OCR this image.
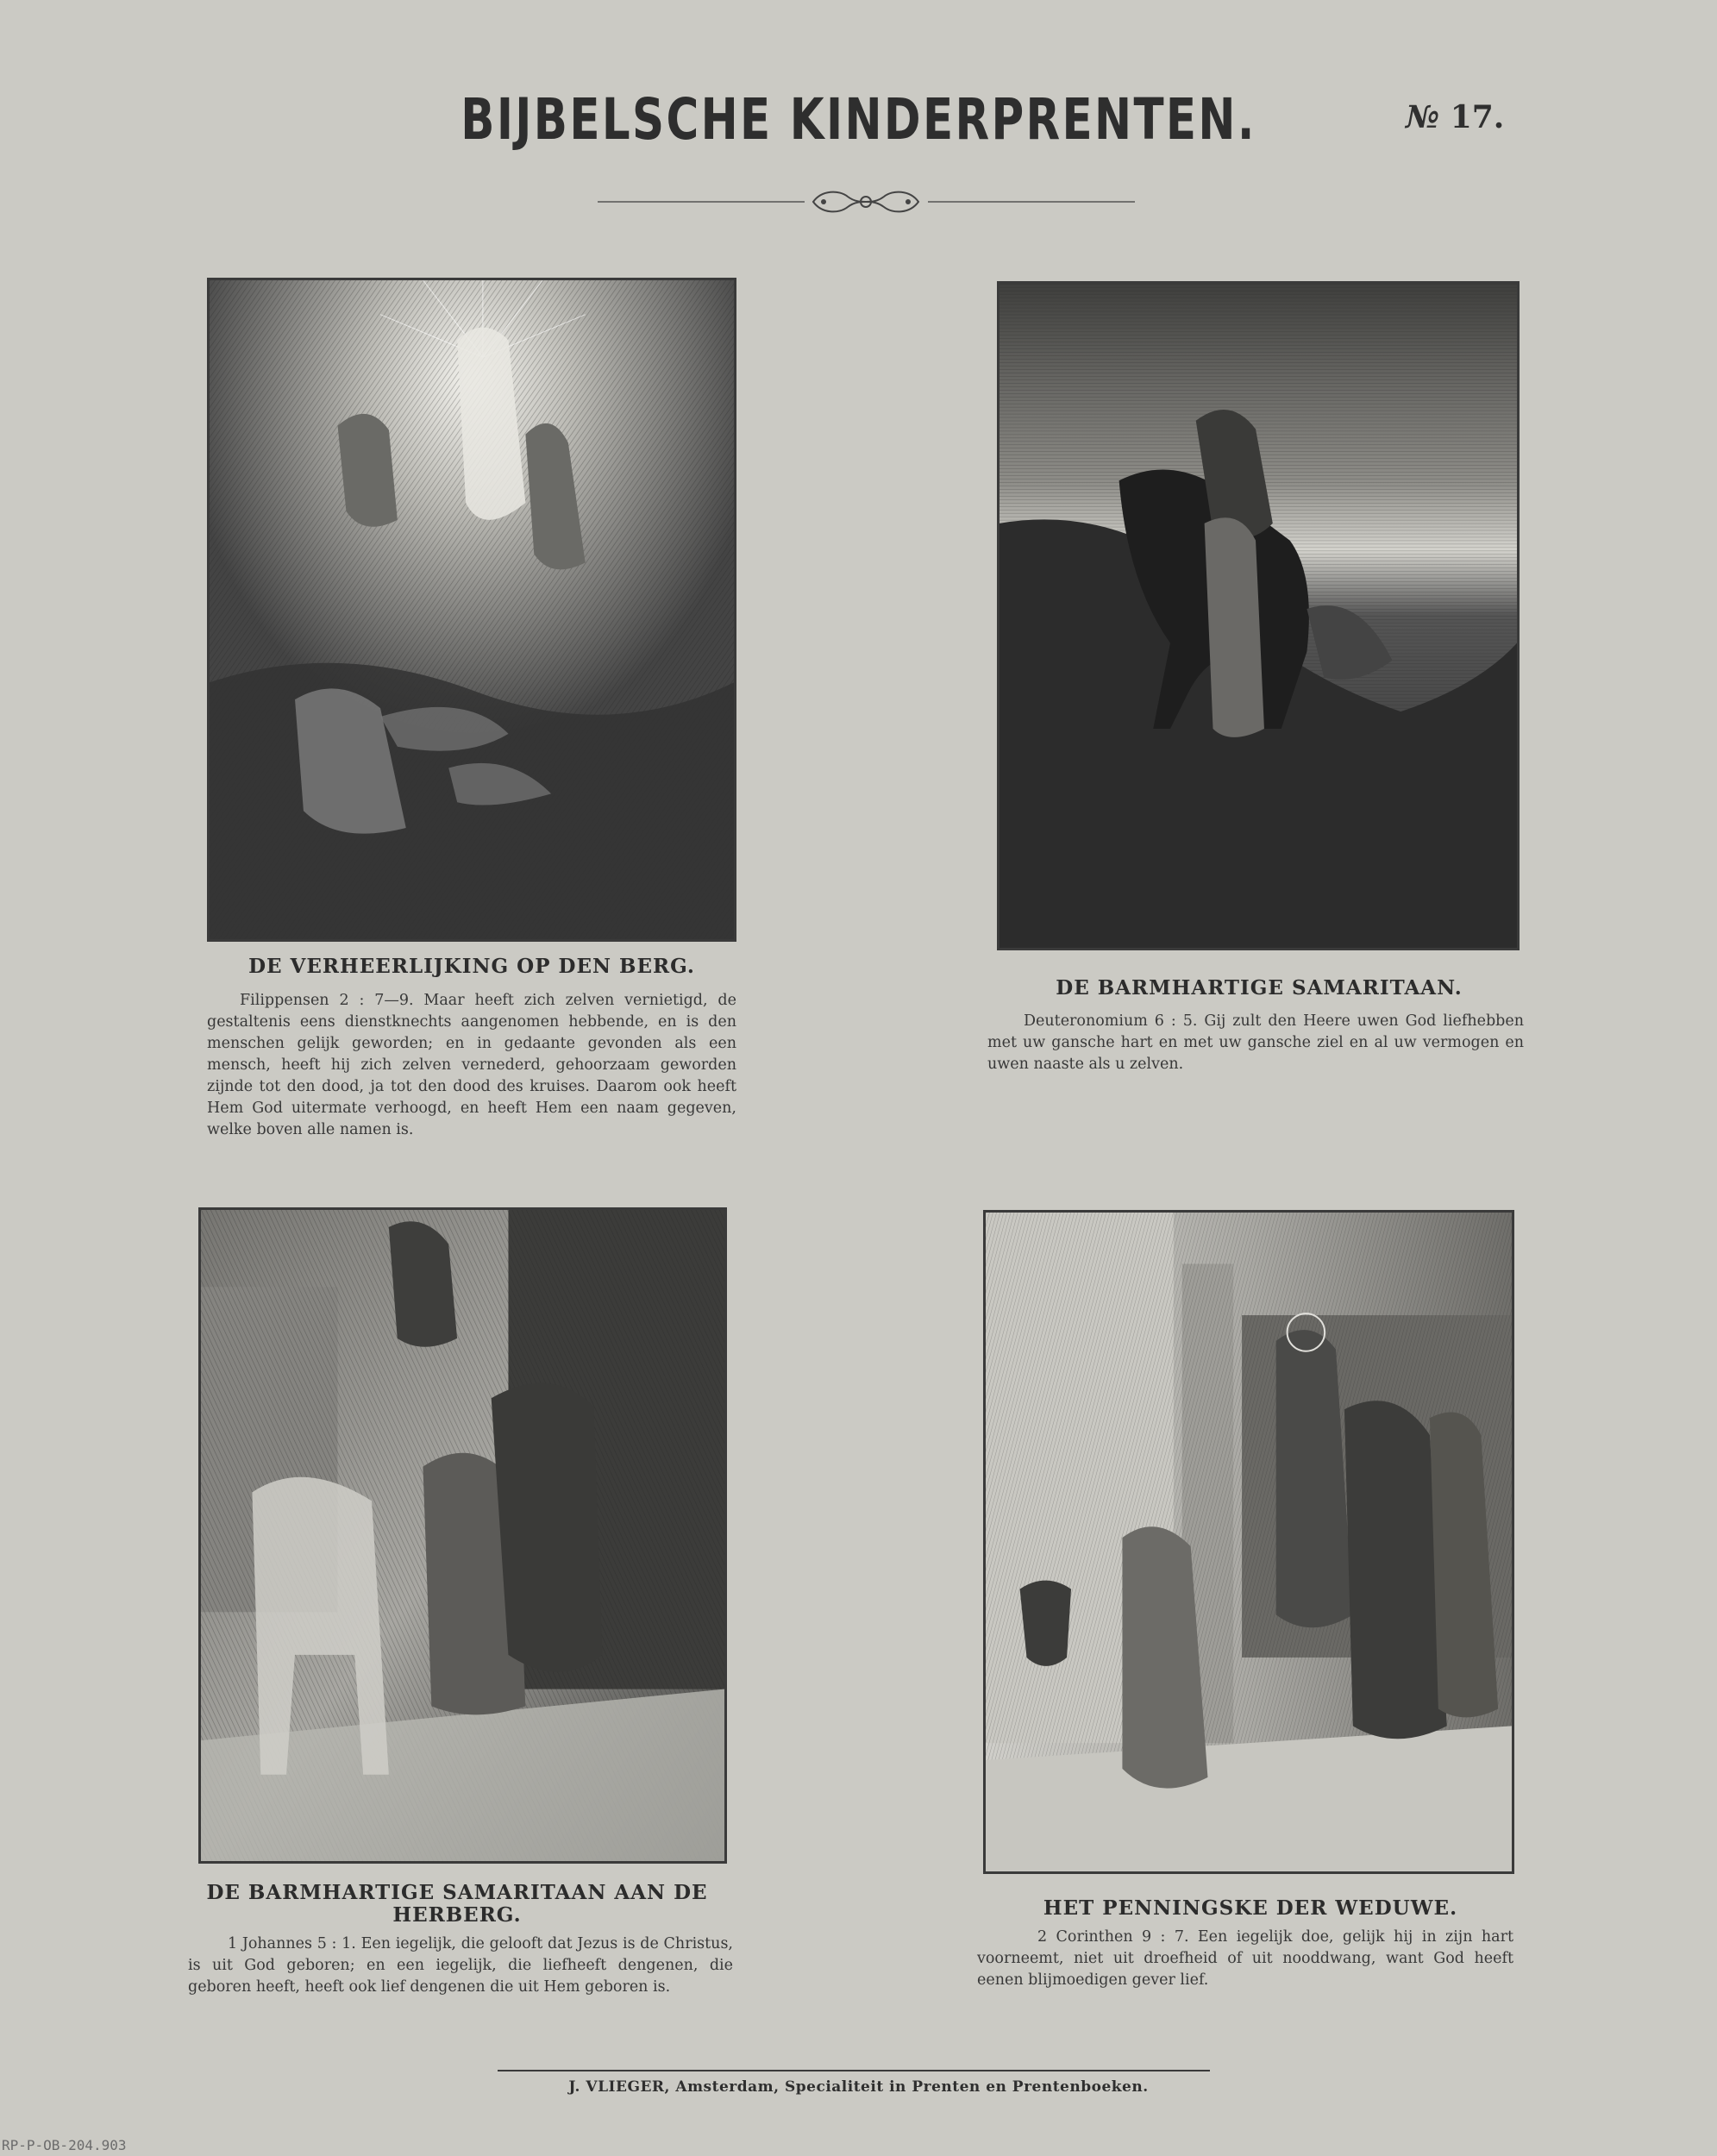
BIJBELSCHE KINDERPRENTEN.	№ 17.
DE VERHEERLIJKING OP DEN BERG.
Filippensen 2 : 7—9. Maar heeft zich zelven vernietigd, de gestaltenis eens dienstknechts aangenomen hebbende, en is den menschen gelijk geworden; en in gedaante gevonden als een mensch, heeft hij zich zelven vernederd, gehoorzaam geworden zijnde tot den dood, ja tot den dood des kruises. Daarom ook heeft Hem God uitermate verhoogd, en heeft Hem een naam gegeven, welke boven alle namen is.
DE BARMHARTIGE SAMARITAAN.
Deuteronomium 6 : 5. Gij zult den Heere uwen God liefhebben met uw gansche hart en met uw gansche ziel en al uw vermogen en uwen naaste als u zelven.
DE BARMHARTIGE SAMARITAAN AAN DE HERBERG.
1 Johannes 5 : 1. Een iegelijk, die gelooft dat Jezus is de Christus, is uit God geboren; en een iegelijk, die liefheeft dengenen, die geboren heeft, heeft ook lief dengenen die uit Hem geboren is.
HET PENNINGSKE DER WEDUWE.
2 Corinthen 9 : 7. Een iegelijk doe, gelijk hij in zijn hart voorneemt, niet uit droefheid of uit nooddwang, want God heeft eenen blijmoedigen gever lief.
J. VLIEGER, Amsterdam, Specialiteit in Prenten en Prentenboeken.
RP-P-OB-204.903
